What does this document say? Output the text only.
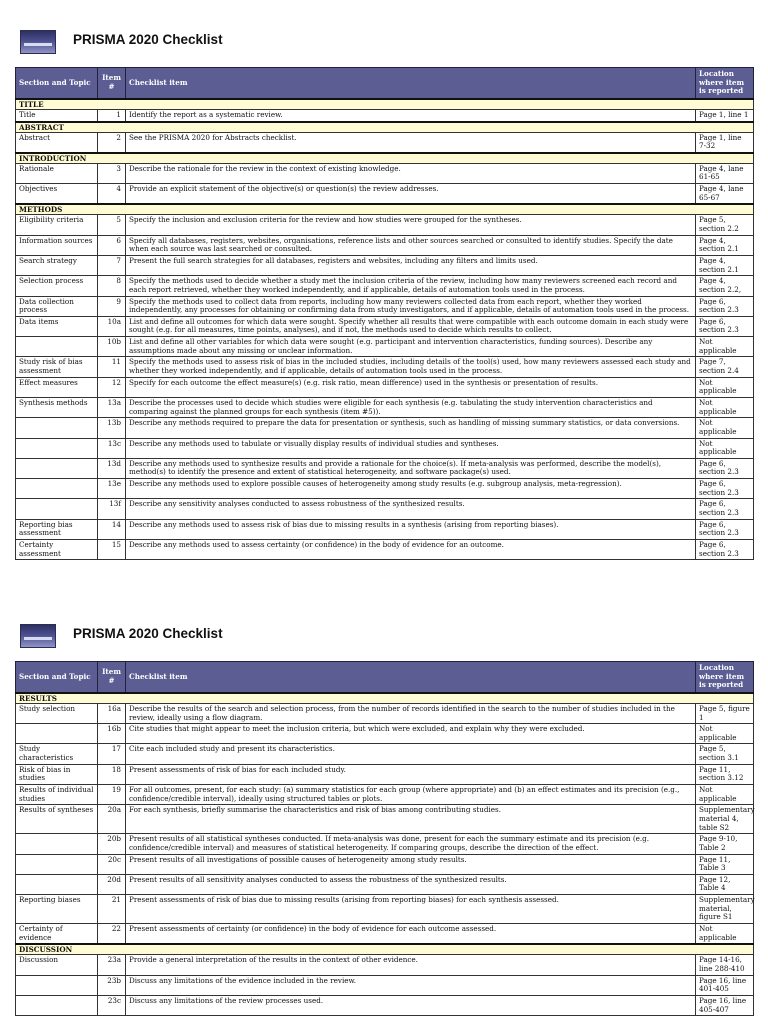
PRISMA 2020 Checklist
Section and Topic	Item #	Checklist item	Location where item is reported
TITLE			
Title	1	Identify the report as a systematic review.	Page 1, line 1
ABSTRACT			
Abstract	2	See the PRISMA 2020 for Abstracts checklist.	Page 1, line 7-32
INTRODUCTION			
Rationale	3	Describe the rationale for the review in the context of existing knowledge.	Page 4, lane 61-65
Objectives	4	Provide an explicit statement of the objective(s) or question(s) the review addresses.	Page 4, lane 65-67
METHODS			
Eligibility criteria	5	Specify the inclusion and exclusion criteria for the review and how studies were grouped for the syntheses.	Page 5, section 2.2
Information sources	6	Specify all databases, registers, websites, organisations, reference lists and other sources searched or consulted to identify studies. Specify the date when each source was last searched or consulted.	Page 4, section 2.1
Search strategy	7	Present the full search strategies for all databases, registers and websites, including any filters and limits used.	Page 4, section 2.1
Selection process	8	Specify the methods used to decide whether a study met the inclusion criteria of the review, including how many reviewers screened each record and each report retrieved, whether they worked independently, and if applicable, details of automation tools used in the process.	Page 4, section 2.2,
Data collection process	9	Specify the methods used to collect data from reports, including how many reviewers collected data from each report, whether they worked independently, any processes for obtaining or confirming data from study investigators, and if applicable, details of automation tools used in the process.	Page 6, section 2.3
Data items	10a	List and define all outcomes for which data were sought. Specify whether all results that were compatible with each outcome domain in each study were sought (e.g. for all measures, time points, analyses), and if not, the methods used to decide which results to collect.	Page 6, section 2.3
	10b	List and define all other variables for which data were sought (e.g. participant and intervention characteristics, funding sources). Describe any assumptions made about any missing or unclear information.	Not applicable
Study risk of bias assessment	11	Specify the methods used to assess risk of bias in the included studies, including details of the tool(s) used, how many reviewers assessed each study and whether they worked independently, and if applicable, details of automation tools used in the process.	Page 7, section 2.4
Effect measures	12	Specify for each outcome the effect measure(s) (e.g. risk ratio, mean difference) used in the synthesis or presentation of results.	Not applicable
Synthesis methods	13a	Describe the processes used to decide which studies were eligible for each synthesis (e.g. tabulating the study intervention characteristics and comparing against the planned groups for each synthesis (item #5)).	Not applicable
	13b	Describe any methods required to prepare the data for presentation or synthesis, such as handling of missing summary statistics, or data conversions.	Not applicable
	13c	Describe any methods used to tabulate or visually display results of individual studies and syntheses.	Not applicable
	13d	Describe any methods used to synthesize results and provide a rationale for the choice(s). If meta-analysis was performed, describe the model(s), method(s) to identify the presence and extent of statistical heterogeneity, and software package(s) used.	Page 6, section 2.3
	13e	Describe any methods used to explore possible causes of heterogeneity among study results (e.g. subgroup analysis, meta-regression).	Page 6, section 2.3
	13f	Describe any sensitivity analyses conducted to assess robustness of the synthesized results.	Page 6, section 2.3
Reporting bias assessment	14	Describe any methods used to assess risk of bias due to missing results in a synthesis (arising from reporting biases).	Page 6, section 2.3
Certainty assessment	15	Describe any methods used to assess certainty (or confidence) in the body of evidence for an outcome.	Page 6, section 2.3
PRISMA 2020 Checklist
Section and Topic	Item #	Checklist item	Location where item is reported
RESULTS			
Study selection	16a	Describe the results of the search and selection process, from the number of records identified in the search to the number of studies included in the review, ideally using a flow diagram.	Page 5, figure 1
	16b	Cite studies that might appear to meet the inclusion criteria, but which were excluded, and explain why they were excluded.	Not applicable
Study characteristics	17	Cite each included study and present its characteristics.	Page 5, section 3.1
Risk of bias in studies	18	Present assessments of risk of bias for each included study.	Page 11, section 3.12
Results of individual studies	19	For all outcomes, present, for each study: (a) summary statistics for each group (where appropriate) and (b) an effect estimates and its precision (e.g., confidence/credible interval), ideally using structured tables or plots.	Not applicable
Results of syntheses	20a	For each synthesis, briefly summarise the characteristics and risk of bias among contributing studies.	Supplementary material 4, table S2
	20b	Present results of all statistical syntheses conducted. If meta-analysis was done, present for each the summary estimate and its precision (e.g. confidence/credible interval) and measures of statistical heterogeneity. If comparing groups, describe the direction of the effect.	Page 9-10, Table 2
	20c	Present results of all investigations of possible causes of heterogeneity among study results.	Page 11, Table 3
	20d	Present results of all sensitivity analyses conducted to assess the robustness of the synthesized results.	Page 12, Table 4
Reporting biases	21	Present assessments of risk of bias due to missing results (arising from reporting biases) for each synthesis assessed.	Supplementary material, figure S1
Certainty of evidence	22	Present assessments of certainty (or confidence) in the body of evidence for each outcome assessed.	Not applicable
DISCUSSION			
Discussion	23a	Provide a general interpretation of the results in the context of other evidence.	Page 14-16, line 288-410
	23b	Discuss any limitations of the evidence included in the review.	Page 16, line 401-405
	23c	Discuss any limitations of the review processes used.	Page 16, line 405-407
